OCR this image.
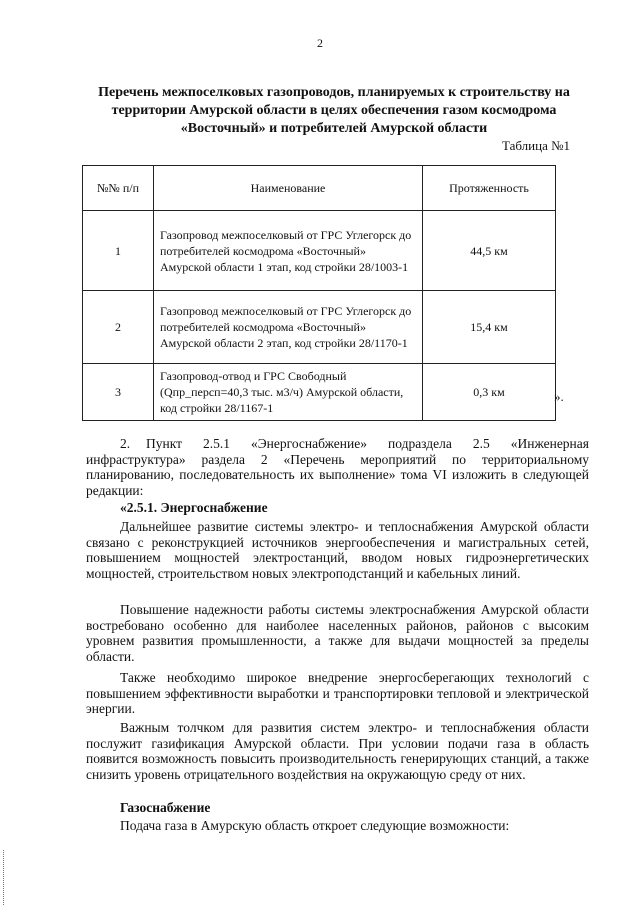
2
Перечень межпоселковых газопроводов, планируемых к строительству на территории Амурской области в целях обеспечения газом космодрома «Восточный» и потребителей Амурской области
Таблица №1
№№ п/п	Наименование	Протяженность
1	Газопровод межпоселковый от ГРС Углегорск до потребителей космодрома «Восточный» Амурской области 1 этап, код стройки 28/1003-1	44,5 км
2	Газопровод межпоселковый от ГРС Углегорск до потребителей космодрома «Восточный» Амурской области 2 этап, код стройки 28/1170-1	15,4 км
3	Газопровод-отвод и ГРС Свободный (Qпр_персп=40,3 тыс. м3/ч) Амурской области, код стройки 28/1167-1	0,3 км	».
2. Пункт 2.5.1 «Энергоснабжение» подраздела 2.5 «Инженерная инфраструктура» раздела 2 «Перечень мероприятий по территориальному планированию, последовательность их выполнение» тома VI изложить в следующей редакции:
«2.5.1. Энергоснабжение
Дальнейшее развитие системы электро- и теплоснабжения Амурской области связано с реконструкцией источников энергообеспечения и магистральных сетей, повышением мощностей электростанций, вводом новых гидроэнергетических мощностей, строительством новых электроподстанций и кабельных линий.
Повышение надежности работы системы электроснабжения Амурской области востребовано особенно для наиболее населенных районов, районов с высоким уровнем развития промышленности, а также для выдачи мощностей за пределы области.
Также необходимо широкое внедрение энергосберегающих технологий с повышением эффективности выработки и транспортировки тепловой и электрической энергии.
Важным толчком для развития систем электро- и теплоснабжения области послужит газификация Амурской области. При условии подачи газа в область появится возможность повысить производительность генерирующих станций, а также снизить уровень отрицательного воздействия на окружающую среду от них.
Газоснабжение
Подача газа в Амурскую область откроет следующие возможности:
